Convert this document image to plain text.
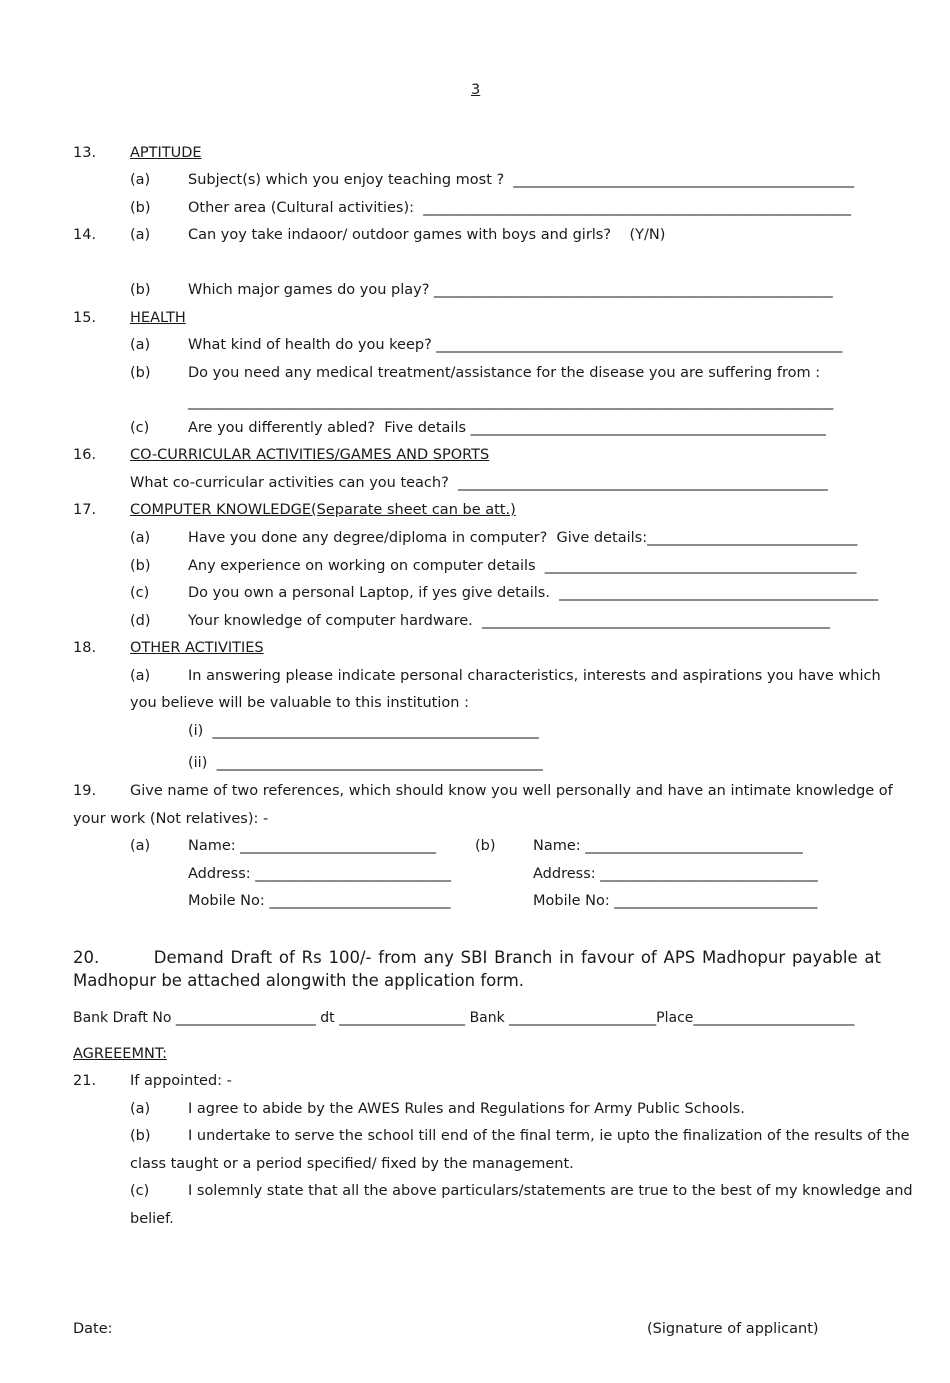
3
13. APTITUDE
(a)	Subject(s) which you enjoy teaching most ?  _______________________________________________
(b)	Other area (Cultural activities):  ___________________________________________________________
14. (a)	Can yoy take indaoor/ outdoor games with boys and girls?    (Y/N)
(b)	Which major games do you play? _______________________________________________________
15. HEALTH
(a)	What kind of health do you keep? ________________________________________________________
(b)	Do you need any medical treatment/assistance for the disease you are suffering from :
_________________________________________________________________________________________
(c)	Are you differently abled?  Five details _________________________________________________
16. CO-CURRICULAR ACTIVITIES/GAMES AND SPORTS
What co-curricular activities can you teach?  ___________________________________________________
17. COMPUTER KNOWLEDGE(Separate sheet can be att.)
(a)	Have you done any degree/diploma in computer?  Give details:_____________________________
(b)	Any experience on working on computer details  ___________________________________________
(c)	Do you own a personal Laptop, if yes give details.  ____________________________________________
(d)	Your knowledge of computer hardware.  ________________________________________________
18. OTHER ACTIVITIES
(a)	In answering please indicate personal characteristics, interests and aspirations you have which
you believe will be valuable to this institution :
(i)  _____________________________________________
(ii)  _____________________________________________
19. Give name of two references, which should know you well personally and have an intimate knowledge of
your work (Not relatives): -
(a)	Name: ___________________________
Address: ___________________________
Mobile No: _________________________
(b)	Name: ______________________________
Address: ______________________________
Mobile No: ____________________________
20.	Demand Draft of Rs 100/- from any SBI Branch in favour of APS Madhopur payable at
Madhopur be attached alongwith the application form.
Bank Draft No ____________________ dt __________________ Bank _____________________Place_______________________
AGREEEMNT:
21. If appointed: -
(a)	I agree to abide by the AWES Rules and Regulations for Army Public Schools.
(b)	I undertake to serve the school till end of the final term, ie upto the finalization of the results of the
class taught or a period specified/ fixed by the management.
(c)	I solemnly state that all the above particulars/statements are true to the best of my knowledge and
belief.
Date:	(Signature of applicant)
